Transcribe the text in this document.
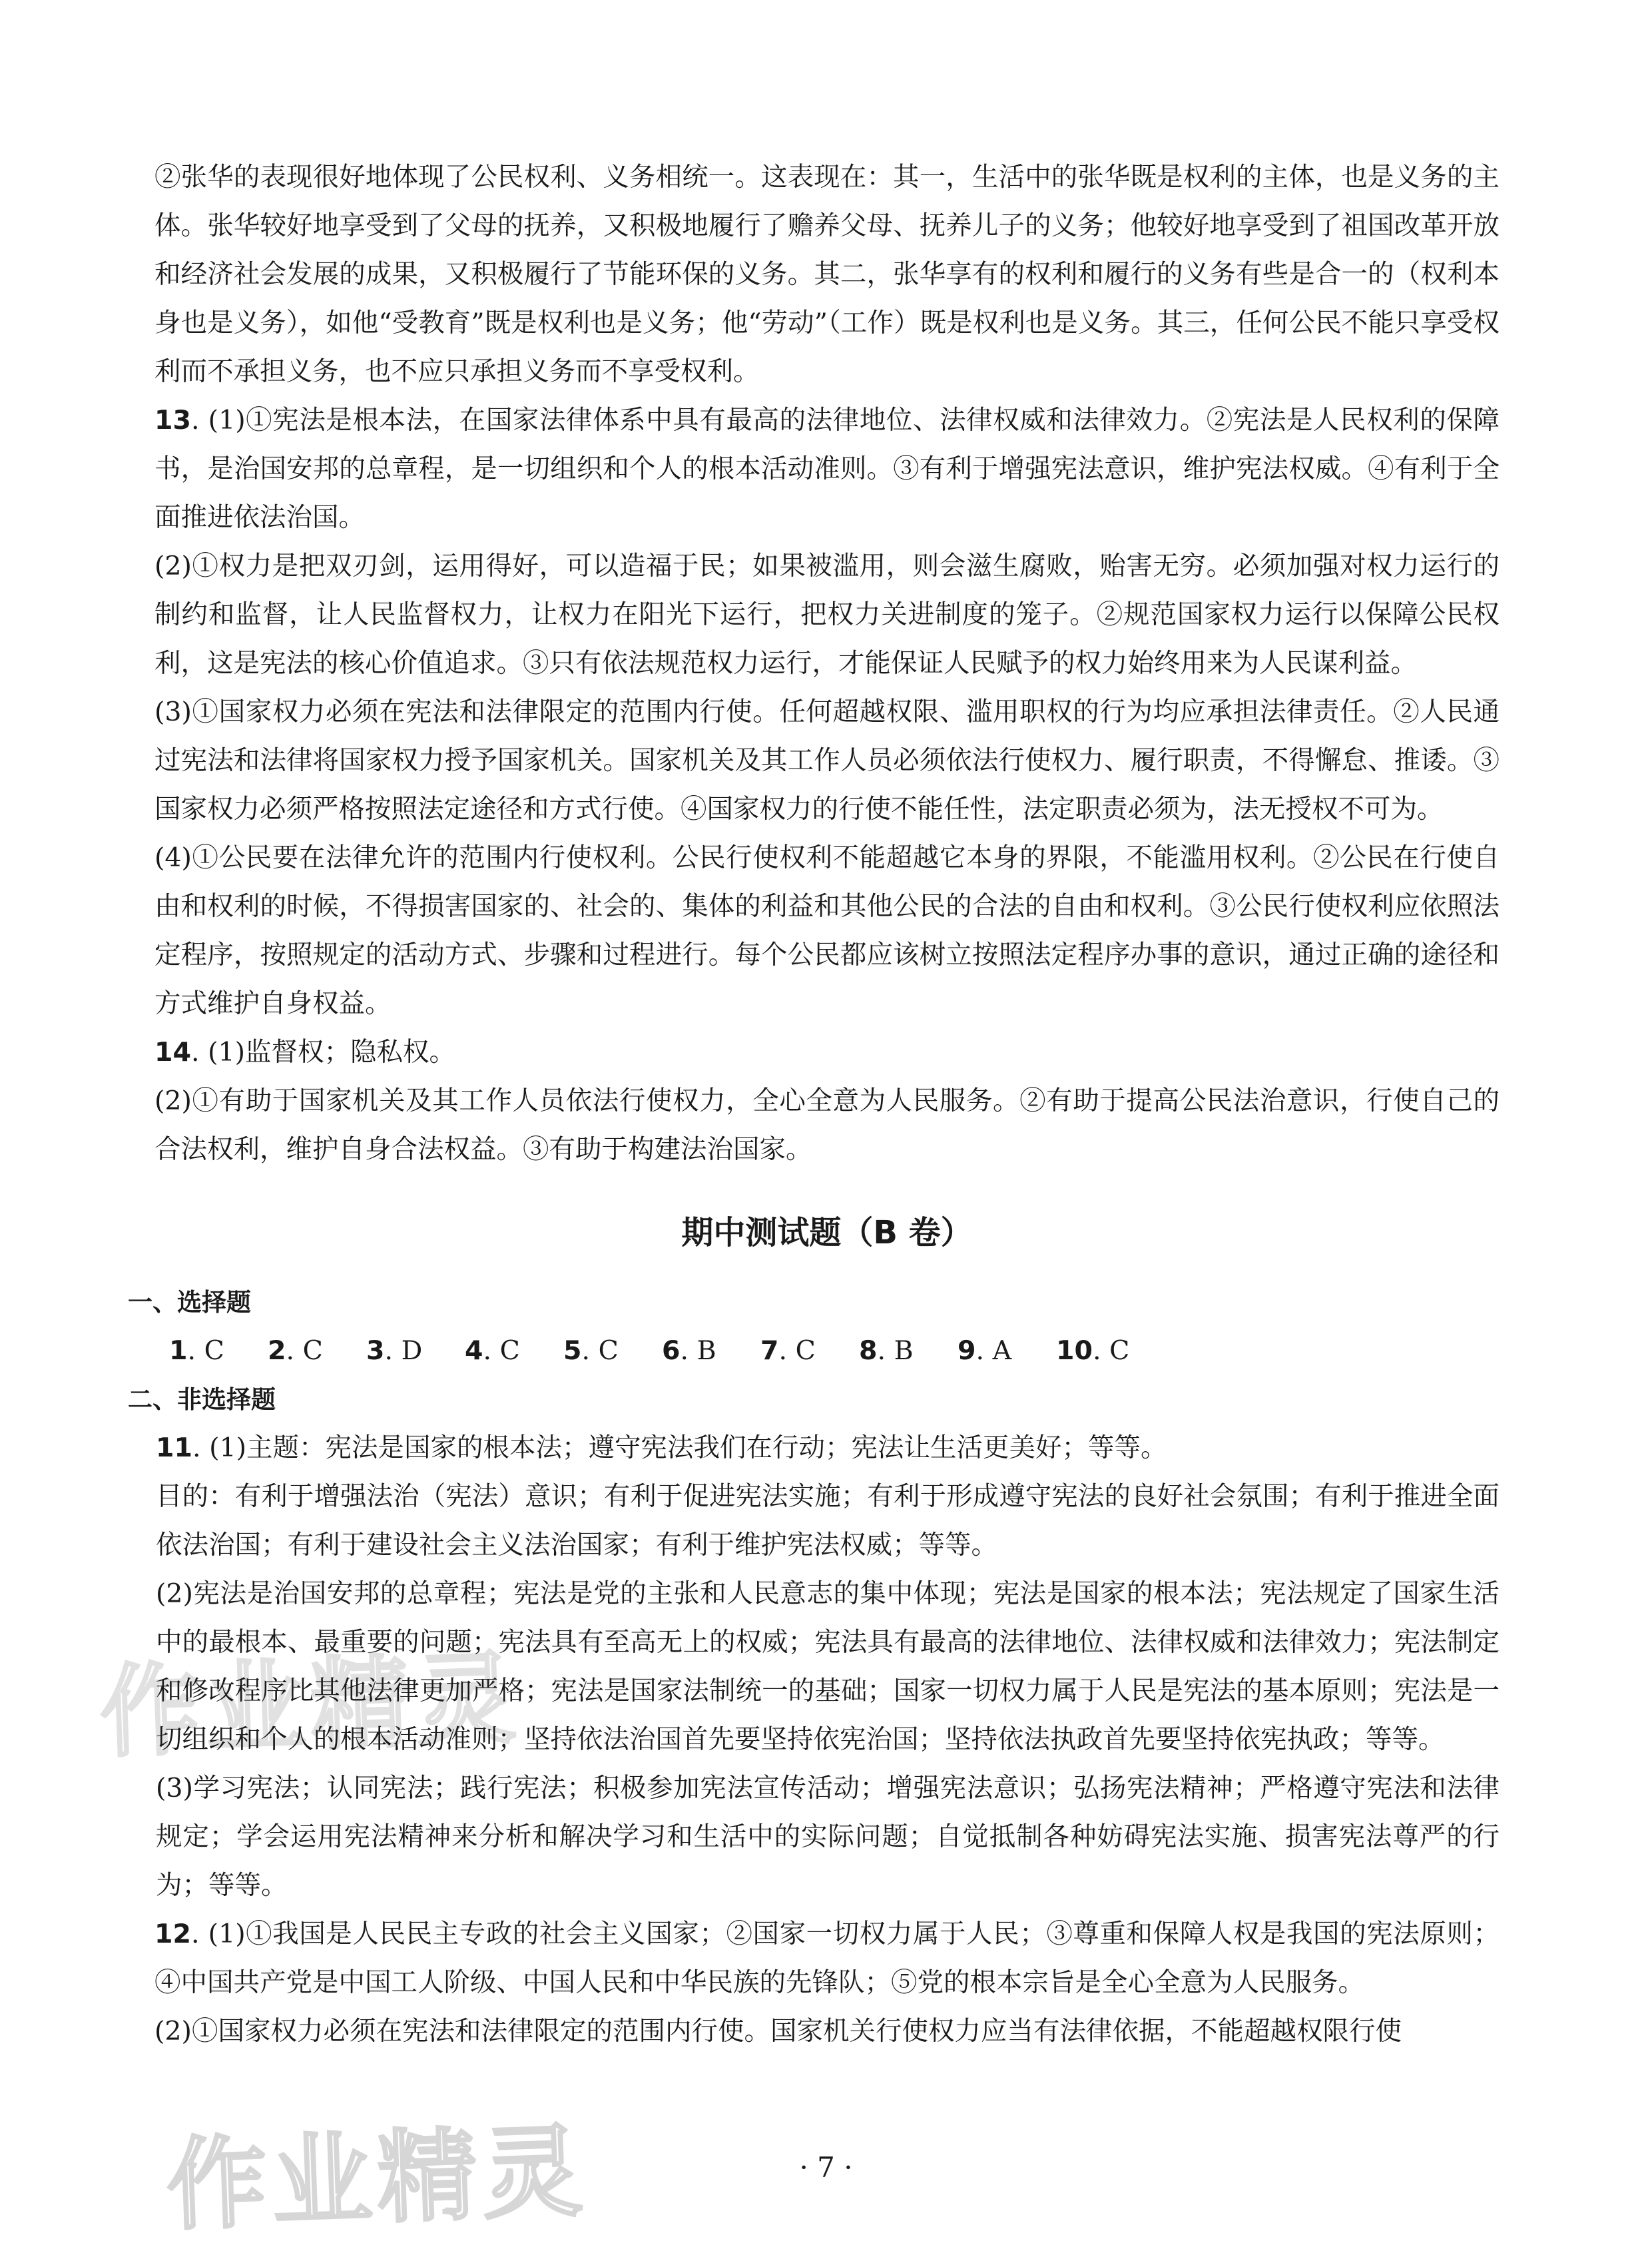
作业精灵
作业精灵

②张华的表现很好地体现了公民权利、义务相统一。这表现在：其一，生活中的张华既是权利的主体，也是义务的主体。张华较好地享受到了父母的抚养，又积极地履行了赡养父母、抚养儿子的义务；他较好地享受到了祖国改革开放和经济社会发展的成果，又积极履行了节能环保的义务。其二，张华享有的权利和履行的义务有些是合一的（权利本身也是义务），如他“受教育”既是权利也是义务；他“劳动”（工作）既是权利也是义务。其三，任何公民不能只享受权利而不承担义务，也不应只承担义务而不享受权利。

13. (1)①宪法是根本法，在国家法律体系中具有最高的法律地位、法律权威和法律效力。②宪法是人民权利的保障书，是治国安邦的总章程，是一切组织和个人的根本活动准则。③有利于增强宪法意识，维护宪法权威。④有利于全面推进依法治国。

(2)①权力是把双刃剑，运用得好，可以造福于民；如果被滥用，则会滋生腐败，贻害无穷。必须加强对权力运行的制约和监督，让人民监督权力，让权力在阳光下运行，把权力关进制度的笼子。②规范国家权力运行以保障公民权利，这是宪法的核心价值追求。③只有依法规范权力运行，才能保证人民赋予的权力始终用来为人民谋利益。

(3)①国家权力必须在宪法和法律限定的范围内行使。任何超越权限、滥用职权的行为均应承担法律责任。②人民通过宪法和法律将国家权力授予国家机关。国家机关及其工作人员必须依法行使权力、履行职责，不得懈怠、推诿。③国家权力必须严格按照法定途径和方式行使。④国家权力的行使不能任性，法定职责必须为，法无授权不可为。

(4)①公民要在法律允许的范围内行使权利。公民行使权利不能超越它本身的界限，不能滥用权利。②公民在行使自由和权利的时候，不得损害国家的、社会的、集体的利益和其他公民的合法的自由和权利。③公民行使权利应依照法定程序，按照规定的活动方式、步骤和过程进行。每个公民都应该树立按照法定程序办事的意识，通过正确的途径和方式维护自身权益。

14. (1)监督权；隐私权。

(2)①有助于国家机关及其工作人员依法行使权力，全心全意为人民服务。②有助于提高公民法治意识，行使自己的合法权利，维护自身合法权益。③有助于构建法治国家。

期中测试题（B 卷）
一、选择题
1. C	2. C	3. D	4. C	5. C	6. B	7. C	8. B	9. A	10. C
二、非选择题

11. (1)主题：宪法是国家的根本法；遵守宪法我们在行动；宪法让生活更美好；等等。

目的：有利于增强法治（宪法）意识；有利于促进宪法实施；有利于形成遵守宪法的良好社会氛围；有利于推进全面依法治国；有利于建设社会主义法治国家；有利于维护宪法权威；等等。

(2)宪法是治国安邦的总章程；宪法是党的主张和人民意志的集中体现；宪法是国家的根本法；宪法规定了国家生活中的最根本、最重要的问题；宪法具有至高无上的权威；宪法具有最高的法律地位、法律权威和法律效力；宪法制定和修改程序比其他法律更加严格；宪法是国家法制统一的基础；国家一切权力属于人民是宪法的基本原则；宪法是一切组织和个人的根本活动准则；坚持依法治国首先要坚持依宪治国；坚持依法执政首先要坚持依宪执政；等等。

(3)学习宪法；认同宪法；践行宪法；积极参加宪法宣传活动；增强宪法意识；弘扬宪法精神；严格遵守宪法和法律规定；学会运用宪法精神来分析和解决学习和生活中的实际问题；自觉抵制各种妨碍宪法实施、损害宪法尊严的行为；等等。

12. (1)①我国是人民民主专政的社会主义国家；②国家一切权力属于人民；③尊重和保障人权是我国的宪法原则；④中国共产党是中国工人阶级、中国人民和中华民族的先锋队；⑤党的根本宗旨是全心全意为人民服务。

(2)①国家权力必须在宪法和法律限定的范围内行使。国家机关行使权力应当有法律依据，不能超越权限行使

· 7 ·
